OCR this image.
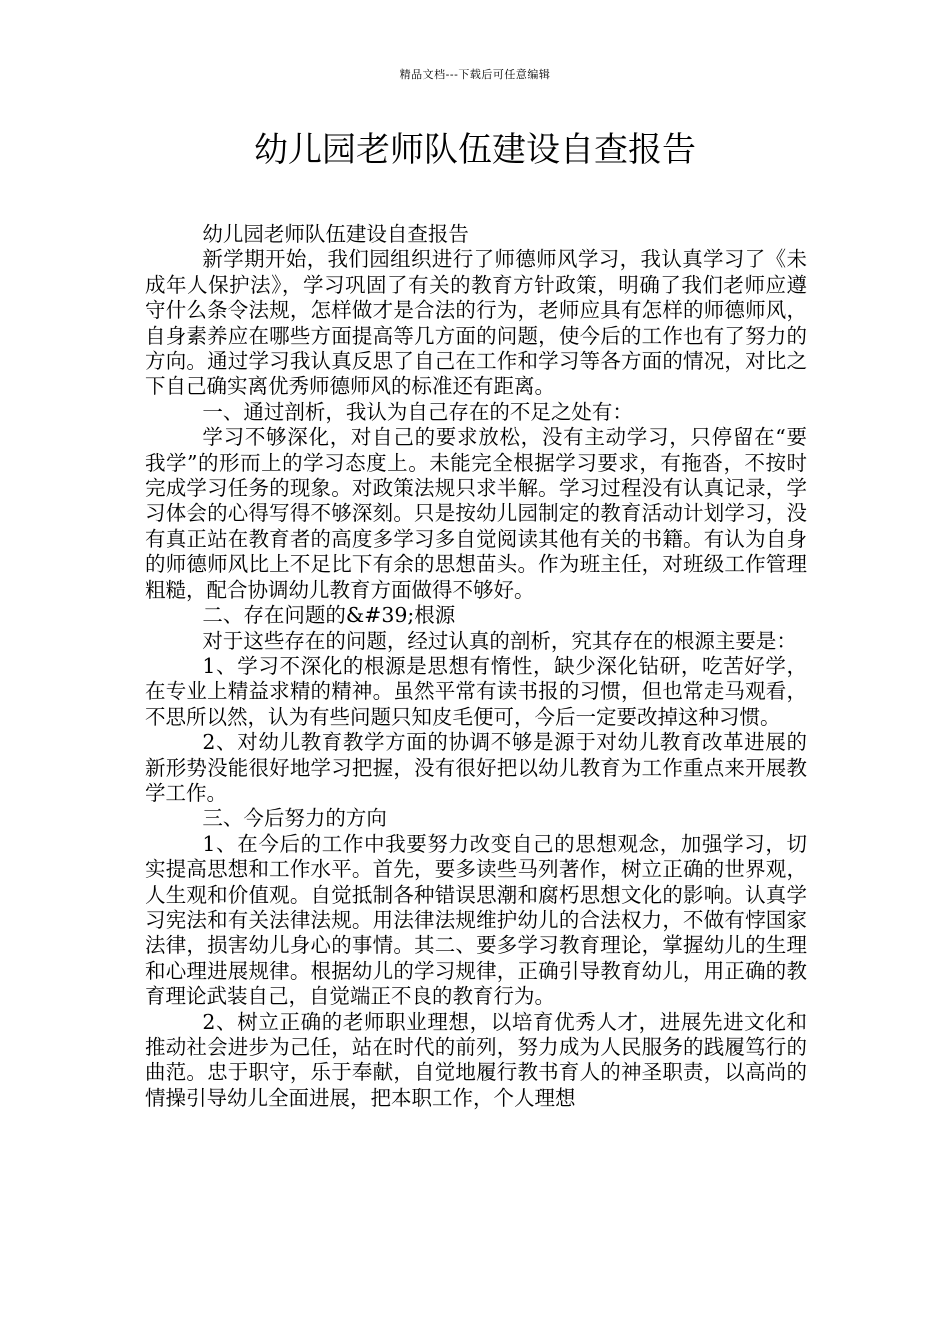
精品文档---下载后可任意编辑
幼儿园老师队伍建设自查报告

幼儿园老师队伍建设自查报告

新学期开始，我们园组织进行了师德师风学习，我认真学习了《未成年人保护法》，学习巩固了有关的教育方针政策，明确了我们老师应遵守什么条令法规，怎样做才是合法的行为，老师应具有怎样的师德师风，自身素养应在哪些方面提高等几方面的问题，使今后的工作也有了努力的方向。通过学习我认真反思了自己在工作和学习等各方面的情况，对比之下自己确实离优秀师德师风的标准还有距离。

一、通过剖析，我认为自己存在的不足之处有：

学习不够深化，对自己的要求放松，没有主动学习，只停留在“要我学”的形而上的学习态度上。未能完全根据学习要求，有拖沓，不按时完成学习任务的现象。对政策法规只求半解。学习过程没有认真记录，学习体会的心得写得不够深刻。只是按幼儿园制定的教育活动计划学习，没有真正站在教育者的高度多学习多自觉阅读其他有关的书籍。有认为自身的师德师风比上不足比下有余的思想苗头。作为班主任，对班级工作管理粗糙，配合协调幼儿教育方面做得不够好。

二、存在问题的&#39;根源

对于这些存在的问题，经过认真的剖析，究其存在的根源主要是：

1、学习不深化的根源是思想有惰性，缺少深化钻研，吃苦好学，在专业上精益求精的精神。虽然平常有读书报的习惯，但也常走马观看，不思所以然，认为有些问题只知皮毛便可，今后一定要改掉这种习惯。

2、对幼儿教育教学方面的协调不够是源于对幼儿教育改革进展的新形势没能很好地学习把握，没有很好把以幼儿教育为工作重点来开展教学工作。

三、今后努力的方向

1、在今后的工作中我要努力改变自己的思想观念，加强学习，切实提高思想和工作水平。首先，要多读些马列著作，树立正确的世界观，人生观和价值观。自觉抵制各种错误思潮和腐朽思想文化的影响。认真学习宪法和有关法律法规。用法律法规维护幼儿的合法权力，不做有悖国家法律，损害幼儿身心的事情。其二、要多学习教育理论，掌握幼儿的生理和心理进展规律。根据幼儿的学习规律，正确引导教育幼儿，用正确的教育理论武装自己，自觉端正不良的教育行为。

2、树立正确的老师职业理想，以培育优秀人才，进展先进文化和推动社会进步为己任，站在时代的前列，努力成为人民服务的践履笃行的曲范。忠于职守，乐于奉献，自觉地履行教书育人的神圣职责，以高尚的情操引导幼儿全面进展，把本职工作，个人理想
